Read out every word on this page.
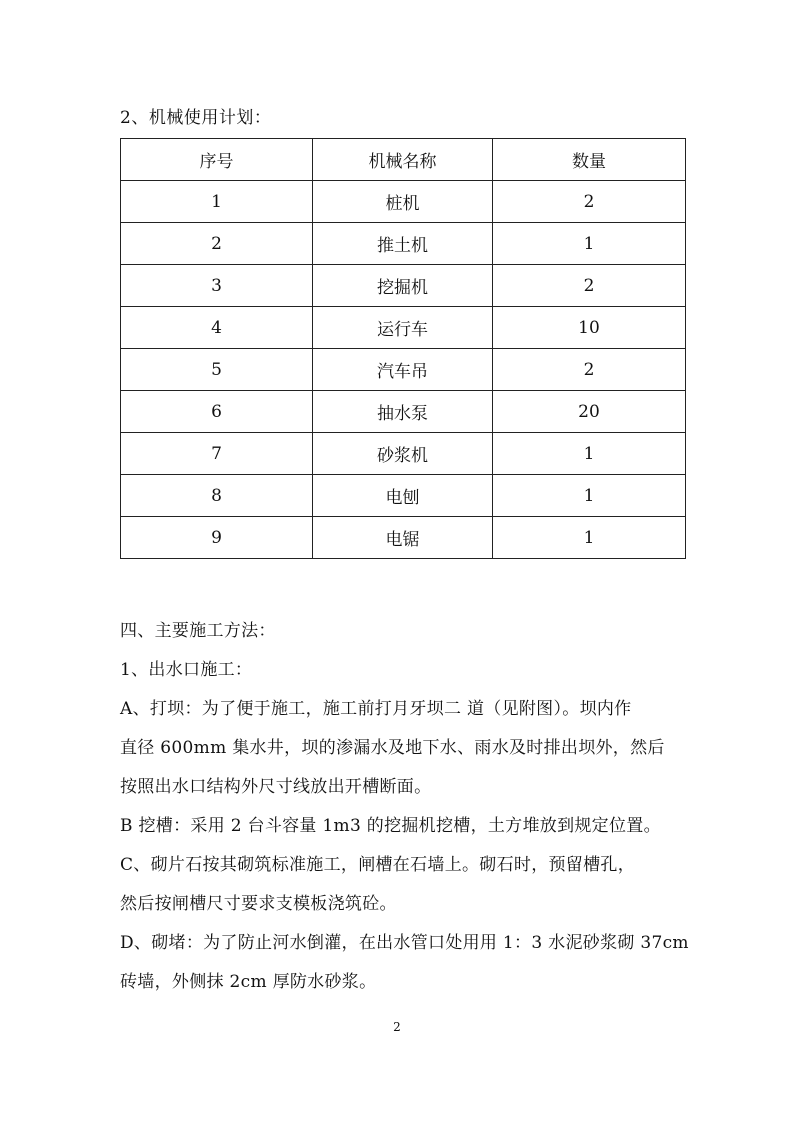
2、机械使用计划：
序号	机械名称	数量
1	桩机	2
2	推土机	1
3	挖掘机	2
4	运行车	10
5	汽车吊	2
6	抽水泵	20
7	砂浆机	1
8	电刨	1
9	电锯	1
四、主要施工方法：
1、出水口施工：
A、打坝：为了便于施工，施工前打月牙坝二 道（见附图）。坝内作
直径 600mm 集水井，坝的渗漏水及地下水、雨水及时排出坝外，然后
按照出水口结构外尺寸线放出开槽断面。
B 挖槽：采用 2 台斗容量 1m3 的挖掘机挖槽，土方堆放到规定位置。
C、砌片石按其砌筑标准施工，闸槽在石墙上。砌石时，预留槽孔，
然后按闸槽尺寸要求支模板浇筑砼。
D、砌堵：为了防止河水倒灌，在出水管口处用用 1：3 水泥砂浆砌 37cm
砖墙，外侧抹 2cm 厚防水砂浆。
2
